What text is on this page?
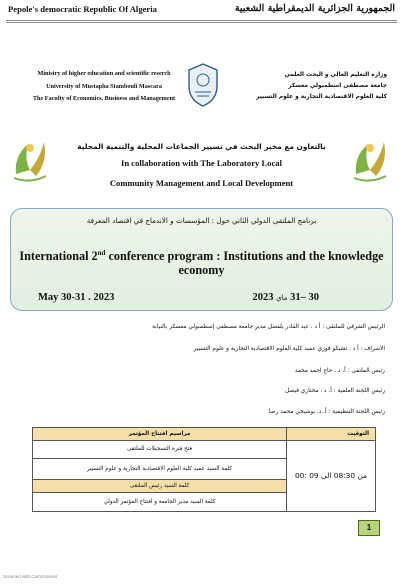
Pepole's democratic Republic Of Algeria	الجمهورية الجزائرية الديمقراطية الشعبية
Ministry of higher education and scientific reserch
University of Mustapha Stambouli Mascara
The Faculty of Economics, Business and Management
وزارة التعليم العالي و البحث العلمي
جامعة مصطفى اسطمبولي معسكر
كلية العلوم الاقتصادية التجارية و علوم التسيير
بالتعاون مع مخبر البحث في تسيير الجماعات المحلية والتنمية المحلية
In collaboration with The Laboratory Local
Community Management and Local Development
برنامج الملتقى الدولي الثاني حول : المؤسسات و الاندماج في اقتصاد المعرفة
International 2nd conference program : Institutions and the knowledge economy
May 30-31 . 2023	30 –31 ماي 2023
الرئيس الشرفي للملتقى : أ د . عبد القادر بلفضل مدير جامعة مصطفى إسطمبولي معسكر بالنيابة
الاشراف : أ د . تشيكو فوزي عميد كلية العلوم الاقتصادية التجارية و علوم التسيير
رئيس الملتقى : أ. د . حاج احمد محمد
رئيس اللجنة العلمية : أ. د . مختاري فيصل
رئيس اللجنة التنظيمية : أ. د. بوشيخي محمد رضا
التوقيت	مراسيم افتتاح المؤتمر
من 08:30 الى 09 :00	فتح فترة التسجيلات للملتقى
	كلمة السيد عميد كلية العلوم الاقتصادية التجارية و علوم التسيير
	كلمة السيد رئيس الملتقى
	كلمة السيد مدير الجامعة و افتتاح المؤتمر الدولي
1
Scanned with CamScanner
